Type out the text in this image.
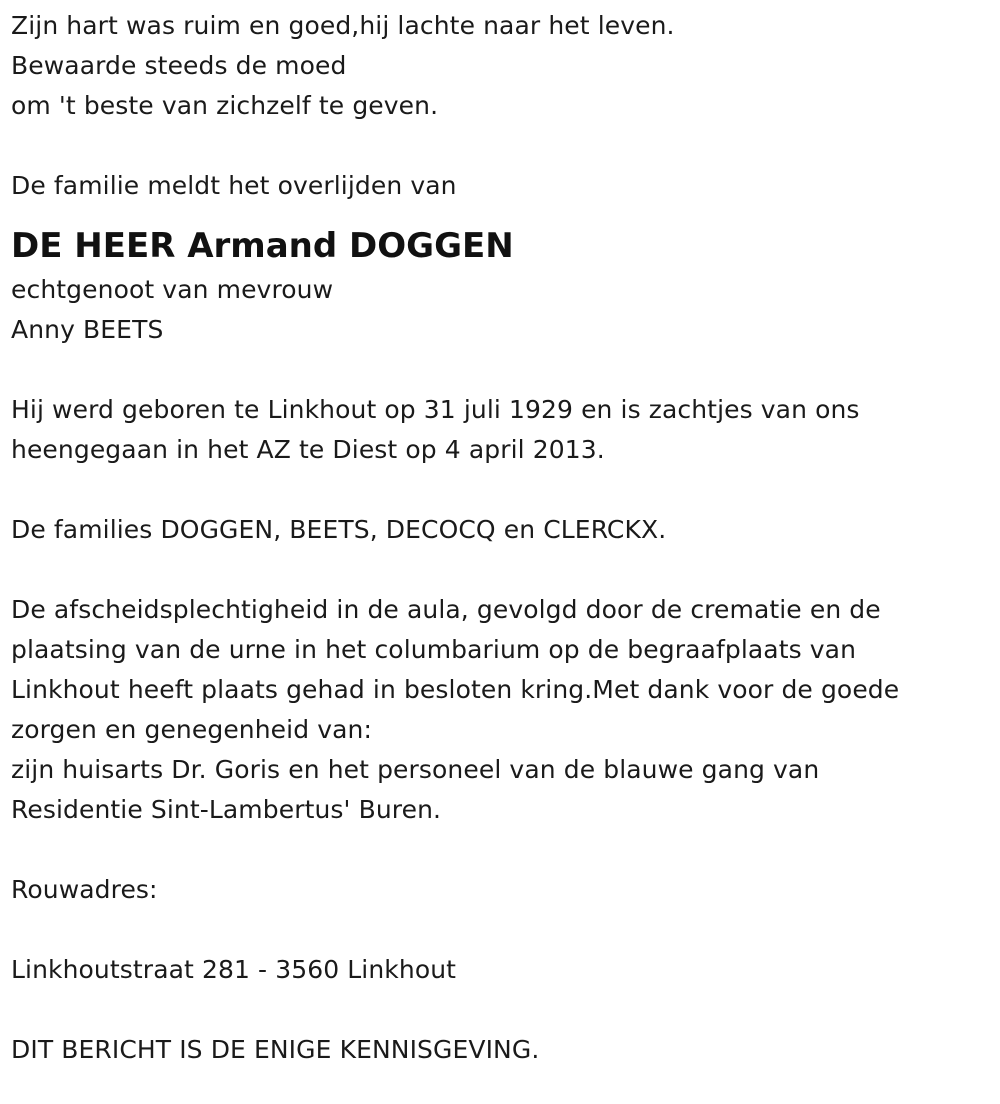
Zijn hart was ruim en goed,hij lachte naar het leven.
Bewaarde steeds de moed
om 't beste van zichzelf te geven.
De familie meldt het overlijden van
DE HEER Armand DOGGEN
echtgenoot van mevrouw
Anny BEETS
Hij werd geboren te Linkhout op 31 juli 1929 en is zachtjes van ons
heengegaan in het AZ te Diest op 4 april 2013.
De families DOGGEN, BEETS, DECOCQ en CLERCKX.
De afscheidsplechtigheid in de aula, gevolgd door de crematie en de
plaatsing van de urne in het columbarium op de begraafplaats van
Linkhout heeft plaats gehad in besloten kring.Met dank voor de goede
zorgen en genegenheid van:
zijn huisarts Dr. Goris en het personeel van de blauwe gang van
Residentie Sint-Lambertus' Buren.
Rouwadres:
Linkhoutstraat 281 - 3560 Linkhout
DIT BERICHT IS DE ENIGE KENNISGEVING.
